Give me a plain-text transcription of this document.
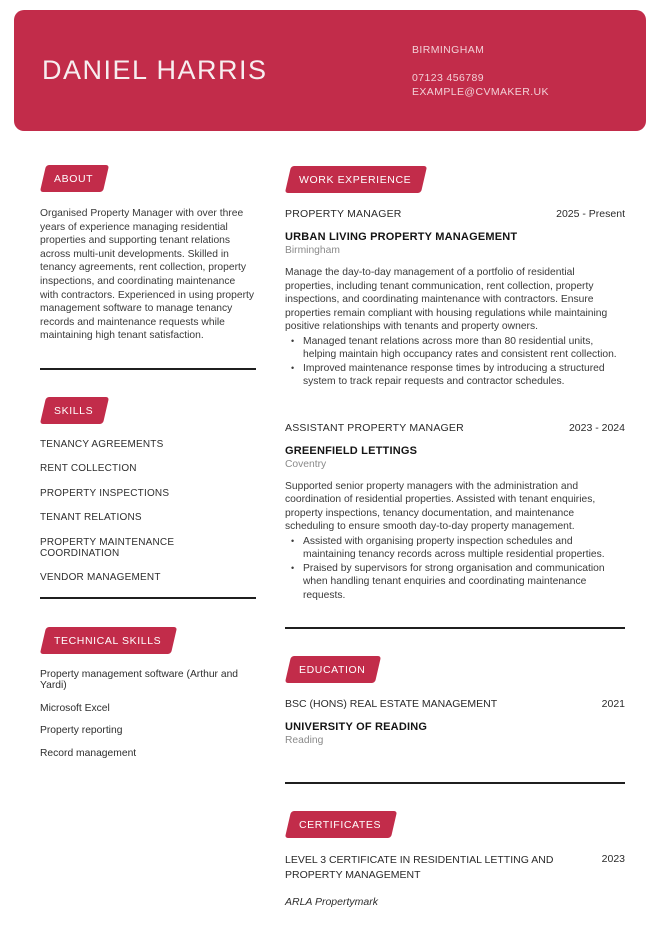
DANIEL HARRIS
BIRMINGHAM
07123 456789
EXAMPLE@CVMAKER.UK
ABOUT

Organised Property Manager with over three years of experience managing residential properties and supporting tenant relations across multi-unit developments. Skilled in tenancy agreements, rent collection, property inspections, and coordinating maintenance with contractors. Experienced in using property management software to manage tenancy records and maintenance requests while maintaining high tenant satisfaction.

SKILLS
TENANCY AGREEMENTS
RENT COLLECTION
PROPERTY INSPECTIONS
TENANT RELATIONS
PROPERTY MAINTENANCE COORDINATION
VENDOR MANAGEMENT
TECHNICAL SKILLS
Property management software (Arthur and Yardi)
Microsoft Excel
Property reporting
Record management
WORK EXPERIENCE
PROPERTY MANAGER	2025 - Present
URBAN LIVING PROPERTY MANAGEMENT
Birmingham

Manage the day-to-day management of a portfolio of residential properties, including tenant communication, rent collection, property inspections, and coordinating maintenance with contractors. Ensure properties remain compliant with housing regulations while maintaining positive relationships with tenants and property owners.

• Managed tenant relations across more than 80 residential units, helping maintain high occupancy rates and consistent rent collection.
• Improved maintenance response times by introducing a structured system to track repair requests and contractor schedules.
ASSISTANT PROPERTY MANAGER	2023 - 2024
GREENFIELD LETTINGS
Coventry

Supported senior property managers with the administration and coordination of residential properties. Assisted with tenant enquiries, property inspections, tenancy documentation, and maintenance scheduling to ensure smooth day-to-day property management.

• Assisted with organising property inspection schedules and maintaining tenancy records across multiple residential properties.
• Praised by supervisors for strong organisation and communication when handling tenant enquiries and coordinating maintenance requests.
EDUCATION
BSC (HONS) REAL ESTATE MANAGEMENT	2021
UNIVERSITY OF READING
Reading
CERTIFICATES
LEVEL 3 CERTIFICATE IN RESIDENTIAL LETTING AND PROPERTY MANAGEMENT
2023
ARLA Propertymark
